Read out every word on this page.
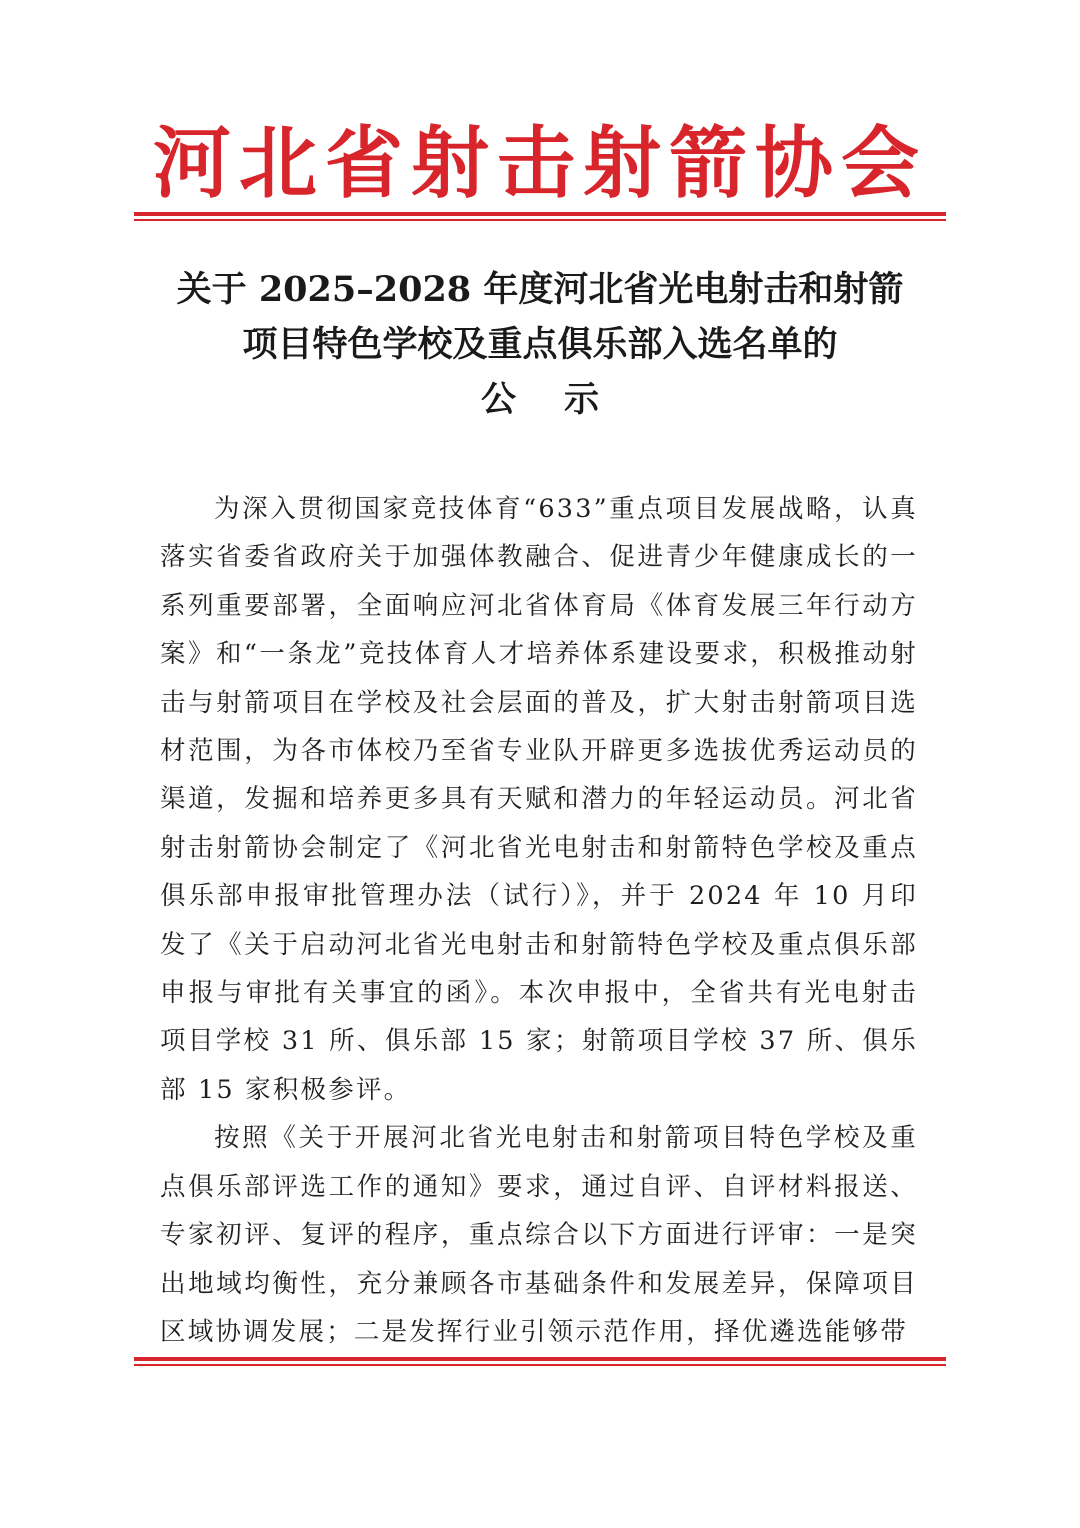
河北省射击射箭协会
关于 2025–2028 年度河北省光电射击和射箭
项目特色学校及重点俱乐部入选名单的
公示

为深入贯彻国家竞技体育“633”重点项目发展战略，认真落实省委省政府关于加强体教融合、促进青少年健康成长的一系列重要部署，全面响应河北省体育局《体育发展三年行动方案》和“一条龙”竞技体育人才培养体系建设要求，积极推动射击与射箭项目在学校及社会层面的普及，扩大射击射箭项目选材范围，为各市体校乃至省专业队开辟更多选拔优秀运动员的渠道，发掘和培养更多具有天赋和潜力的年轻运动员。河北省射击射箭协会制定了《河北省光电射击和射箭特色学校及重点俱乐部申报审批管理办法（试行）》，并于 2024 年 10 月印发了《关于启动河北省光电射击和射箭特色学校及重点俱乐部申报与审批有关事宜的函》。本次申报中，全省共有光电射击项目学校 31 所、俱乐部 15 家；射箭项目学校 37 所、俱乐部 15 家积极参评。

按照《关于开展河北省光电射击和射箭项目特色学校及重点俱乐部评选工作的通知》要求，通过自评、自评材料报送、专家初评、复评的程序，重点综合以下方面进行评审：一是突出地域均衡性，充分兼顾各市基础条件和发展差异，保障项目区域协调发展；二是发挥行业引领示范作用，择优遴选能够带
